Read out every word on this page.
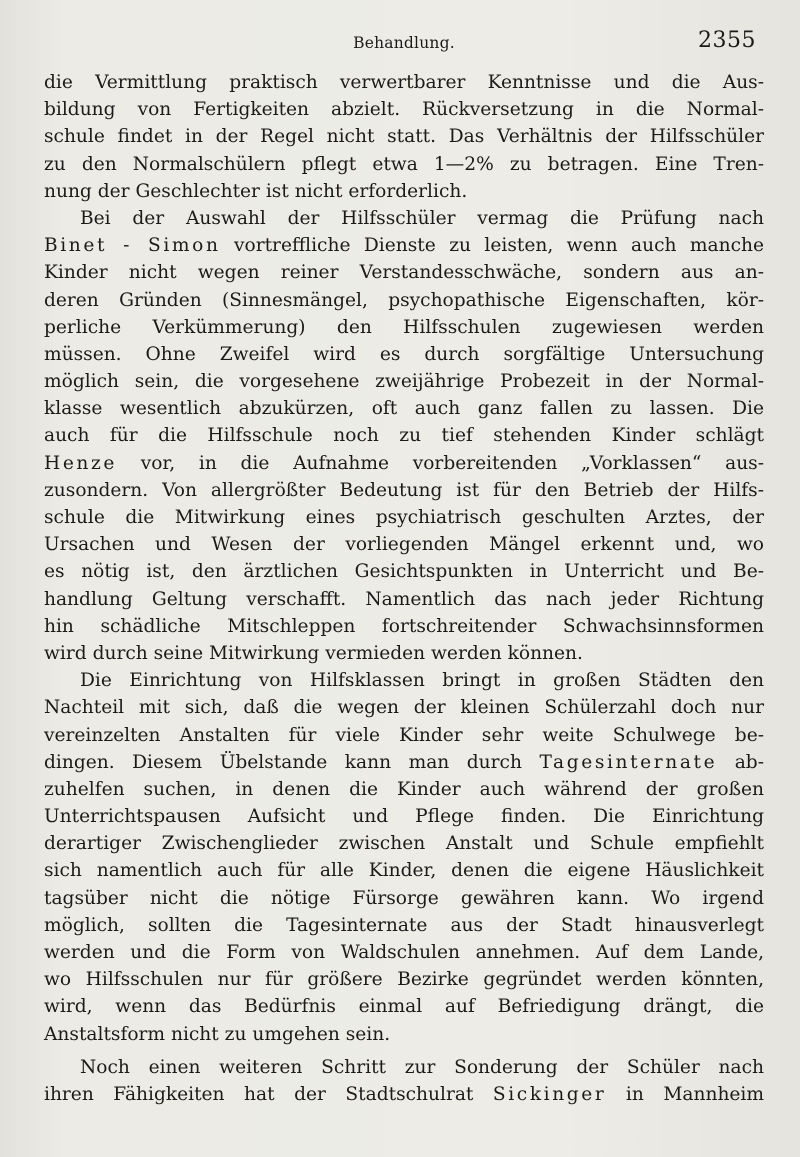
Behandlung.	2355
die Vermittlung praktisch verwertbarer Kenntnisse und die Aus-
bildung von Fertigkeiten abzielt. Rückversetzung in die Normal-
schule findet in der Regel nicht statt. Das Verhältnis der Hilfsschüler
zu den Normalschülern pflegt etwa 1—2% zu betragen. Eine Tren-
nung der Geschlechter ist nicht erforderlich.
Bei der Auswahl der Hilfsschüler vermag die Prüfung nach
Binet - Simon vortreffliche Dienste zu leisten, wenn auch manche
Kinder nicht wegen reiner Verstandesschwäche, sondern aus an-
deren Gründen (Sinnesmängel, psychopathische Eigenschaften, kör-
perliche Verkümmerung) den Hilfsschulen zugewiesen werden
müssen. Ohne Zweifel wird es durch sorgfältige Untersuchung
möglich sein, die vorgesehene zweijährige Probezeit in der Normal-
klasse wesentlich abzukürzen, oft auch ganz fallen zu lassen. Die
auch für die Hilfsschule noch zu tief stehenden Kinder schlägt
Henze vor, in die Aufnahme vorbereitenden „Vorklassen“ aus-
zusondern. Von allergrößter Bedeutung ist für den Betrieb der Hilfs-
schule die Mitwirkung eines psychiatrisch geschulten Arztes, der
Ursachen und Wesen der vorliegenden Mängel erkennt und, wo
es nötig ist, den ärztlichen Gesichtspunkten in Unterricht und Be-
handlung Geltung verschafft. Namentlich das nach jeder Richtung
hin schädliche Mitschleppen fortschreitender Schwachsinnsformen
wird durch seine Mitwirkung vermieden werden können.
Die Einrichtung von Hilfsklassen bringt in großen Städten den
Nachteil mit sich, daß die wegen der kleinen Schülerzahl doch nur
vereinzelten Anstalten für viele Kinder sehr weite Schulwege be-
dingen. Diesem Übelstande kann man durch Tagesinternate ab-
zuhelfen suchen, in denen die Kinder auch während der großen
Unterrichtspausen Aufsicht und Pflege finden. Die Einrichtung
derartiger Zwischenglieder zwischen Anstalt und Schule empfiehlt
sich namentlich auch für alle Kinder, denen die eigene Häuslichkeit
tagsüber nicht die nötige Fürsorge gewähren kann. Wo irgend
möglich, sollten die Tagesinternate aus der Stadt hinausverlegt
werden und die Form von Waldschulen annehmen. Auf dem Lande,
wo Hilfsschulen nur für größere Bezirke gegründet werden könnten,
wird, wenn das Bedürfnis einmal auf Befriedigung drängt, die
Anstaltsform nicht zu umgehen sein.
Noch einen weiteren Schritt zur Sonderung der Schüler nach
ihren Fähigkeiten hat der Stadtschulrat Sickinger in Mannheim
